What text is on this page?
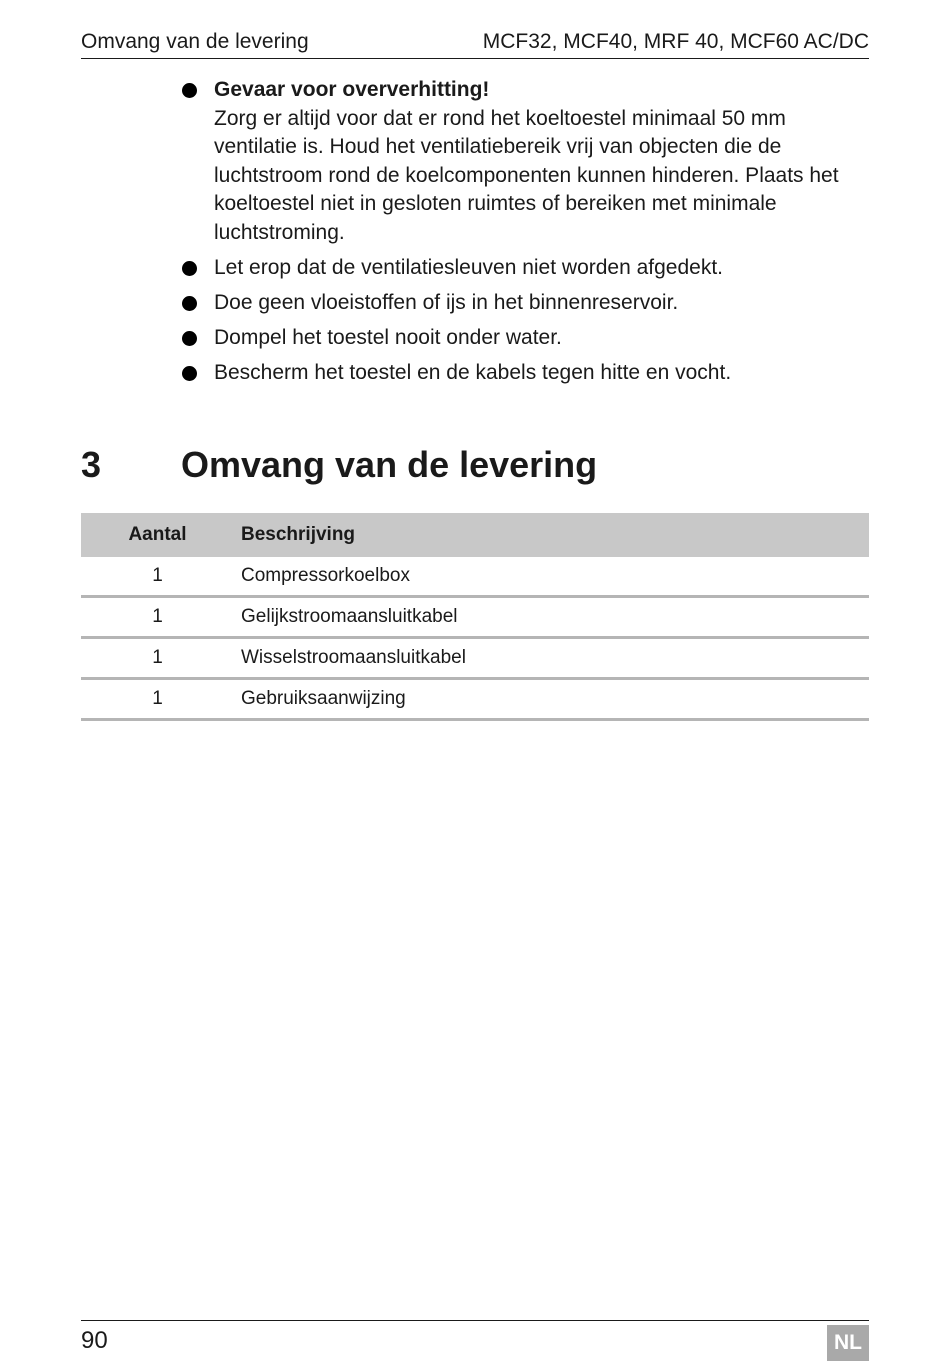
Omvang van de levering	MCF32, MCF40, MRF 40, MCF60 AC/DC
Gevaar voor oververhitting!
Zorg er altijd voor dat er rond het koeltoestel minimaal 50 mm ventilatie is. Houd het ventilatiebereik vrij van objecten die de luchtstroom rond de koelcomponenten kunnen hinderen. Plaats het koeltoestel niet in gesloten ruimtes of bereiken met minimale luchtstroming.
Let erop dat de ventilatiesleuven niet worden afgedekt.
Doe geen vloeistoffen of ijs in het binnenreservoir.
Dompel het toestel nooit onder water.
Bescherm het toestel en de kabels tegen hitte en vocht.
3 Omvang van de levering
Aantal	Beschrijving
1	Compressorkoelbox
1	Gelijkstroomaansluitkabel
1	Wisselstroomaansluitkabel
1	Gebruiksaanwijzing
90	NL
